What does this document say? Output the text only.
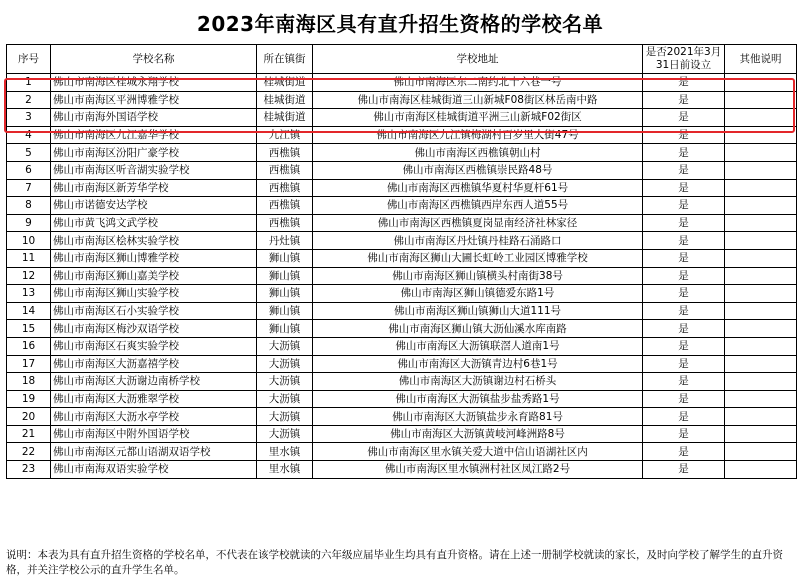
2023年南海区具有直升招生资格的学校名单
序号	学校名称	所在镇街	学校地址	是否2021年3月31日前设立	其他说明
1	佛山市南海区桂城永翔学校	桂城街道	佛山市南海区东二南约北十六巷一号	是	
2	佛山市南海区平洲博雅学校	桂城街道	佛山市南海区桂城街道三山新城F08街区林岳南中路	是	
3	佛山市南海外国语学校	桂城街道	佛山市南海区桂城街道平洲三山新城F02街区	是	
4	佛山市南海区九江嘉华学校	九江镇	佛山市南海区九江镇梅湖村百岁里大街47号	是	
5	佛山市南海区汾阳广豪学校	西樵镇	佛山市南海区西樵镇朝山村	是	
6	佛山市南海区听音湖实验学校	西樵镇	佛山市南海区西樵镇崇民路48号	是	
7	佛山市南海区新芳华学校	西樵镇	佛山市南海区西樵镇华夏村华夏杆61号	是	
8	佛山市诺德安达学校	西樵镇	佛山市南海区西樵镇西岸东西人道55号	是	
9	佛山市黄飞鸿文武学校	西樵镇	佛山市南海区西樵镇夏岗显南经济社林家径	是	
10	佛山市南海区桧林实验学校	丹灶镇	佛山市南海区丹灶镇丹桂路石涌路口	是	
11	佛山市南海区狮山博雅学校	狮山镇	佛山市南海区狮山大圃长虹岭工业园区博雅学校	是	
12	佛山市南海区狮山嘉美学校	狮山镇	佛山市南海区狮山镇横头村南街38号	是	
13	佛山市南海区狮山实验学校	狮山镇	佛山市南海区狮山镇德爱东路1号	是	
14	佛山市南海区石小实验学校	狮山镇	佛山市南海区狮山镇狮山大道111号	是	
15	佛山市南海区梅沙双语学校	狮山镇	佛山市南海区狮山镇大沥仙溪水库南路	是	
16	佛山市南海区石爽实验学校	大沥镇	佛山市南海区大沥镇联滘人道南1号	是	
17	佛山市南海区大沥嘉禧学校	大沥镇	佛山市南海区大沥镇青边村6巷1号	是	
18	佛山市南海区大沥谢边南桥学校	大沥镇	佛山市南海区大沥镇谢边村石桥头	是	
19	佛山市南海区大沥雅翠学校	大沥镇	佛山市南海区大沥镇盐步盐秀路1号	是	
20	佛山市南海区大沥水亭学校	大沥镇	佛山市南海区大沥镇盐步永育路81号	是	
21	佛山市南海区中附外国语学校	大沥镇	佛山市南海区大沥镇黄岐河峰洲路8号	是	
22	佛山市南海区元都山语湖双语学校	里水镇	佛山市南海区里水镇关爱大道中信山语湖社区内	是	
23	佛山市南海双语实验学校	里水镇	佛山市南海区里水镇洲村社区凤江路2号	是	
说明：本表为具有直升招生资格的学校名单，不代表在该学校就读的六年级应届毕业生均具有直升资格。请在上述一册制学校就读的家长，及时向学校了解学生的直升资格，并关注学校公示的直升学生名单。
